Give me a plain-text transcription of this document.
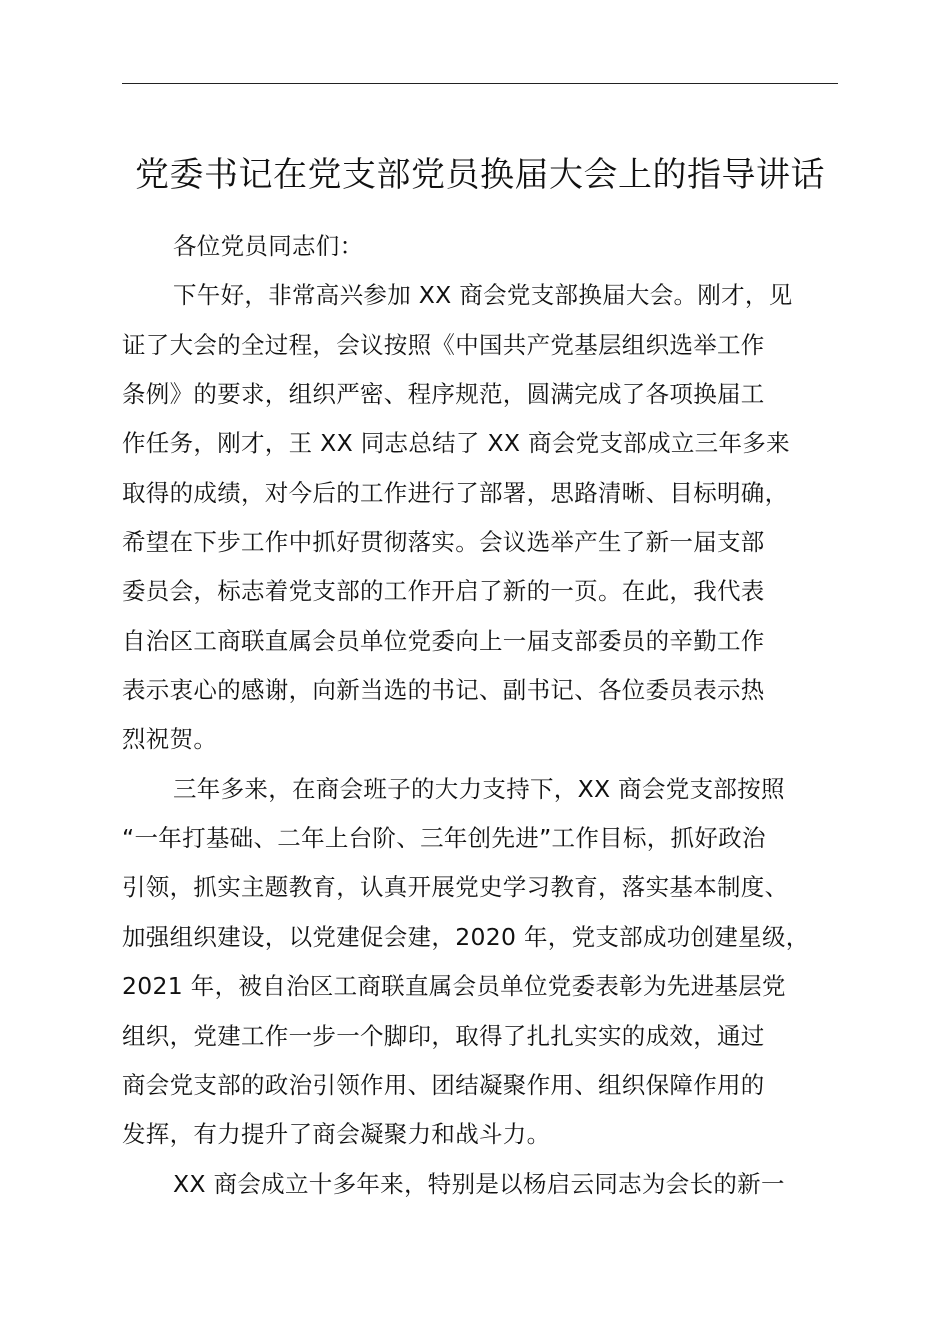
党委书记在党支部党员换届大会上的指导讲话
各位党员同志们：
下午好，非常高兴参加 XX 商会党支部换届大会。刚才，见
证了大会的全过程，会议按照《中国共产党基层组织选举工作
条例》的要求，组织严密、程序规范，圆满完成了各项换届工
作任务，刚才，王 XX 同志总结了 XX 商会党支部成立三年多来
取得的成绩，对今后的工作进行了部署，思路清晰、目标明确，
希望在下步工作中抓好贯彻落实。会议选举产生了新一届支部
委员会，标志着党支部的工作开启了新的一页。在此，我代表
自治区工商联直属会员单位党委向上一届支部委员的辛勤工作
表示衷心的感谢，向新当选的书记、副书记、各位委员表示热
烈祝贺。
三年多来，在商会班子的大力支持下，XX 商会党支部按照
“一年打基础、二年上台阶、三年创先进”工作目标，抓好政治
引领，抓实主题教育，认真开展党史学习教育，落实基本制度、
加强组织建设，以党建促会建，2020 年，党支部成功创建星级，
2021 年，被自治区工商联直属会员单位党委表彰为先进基层党
组织，党建工作一步一个脚印，取得了扎扎实实的成效，通过
商会党支部的政治引领作用、团结凝聚作用、组织保障作用的
发挥，有力提升了商会凝聚力和战斗力。
XX 商会成立十多年来，特别是以杨启云同志为会长的新一
